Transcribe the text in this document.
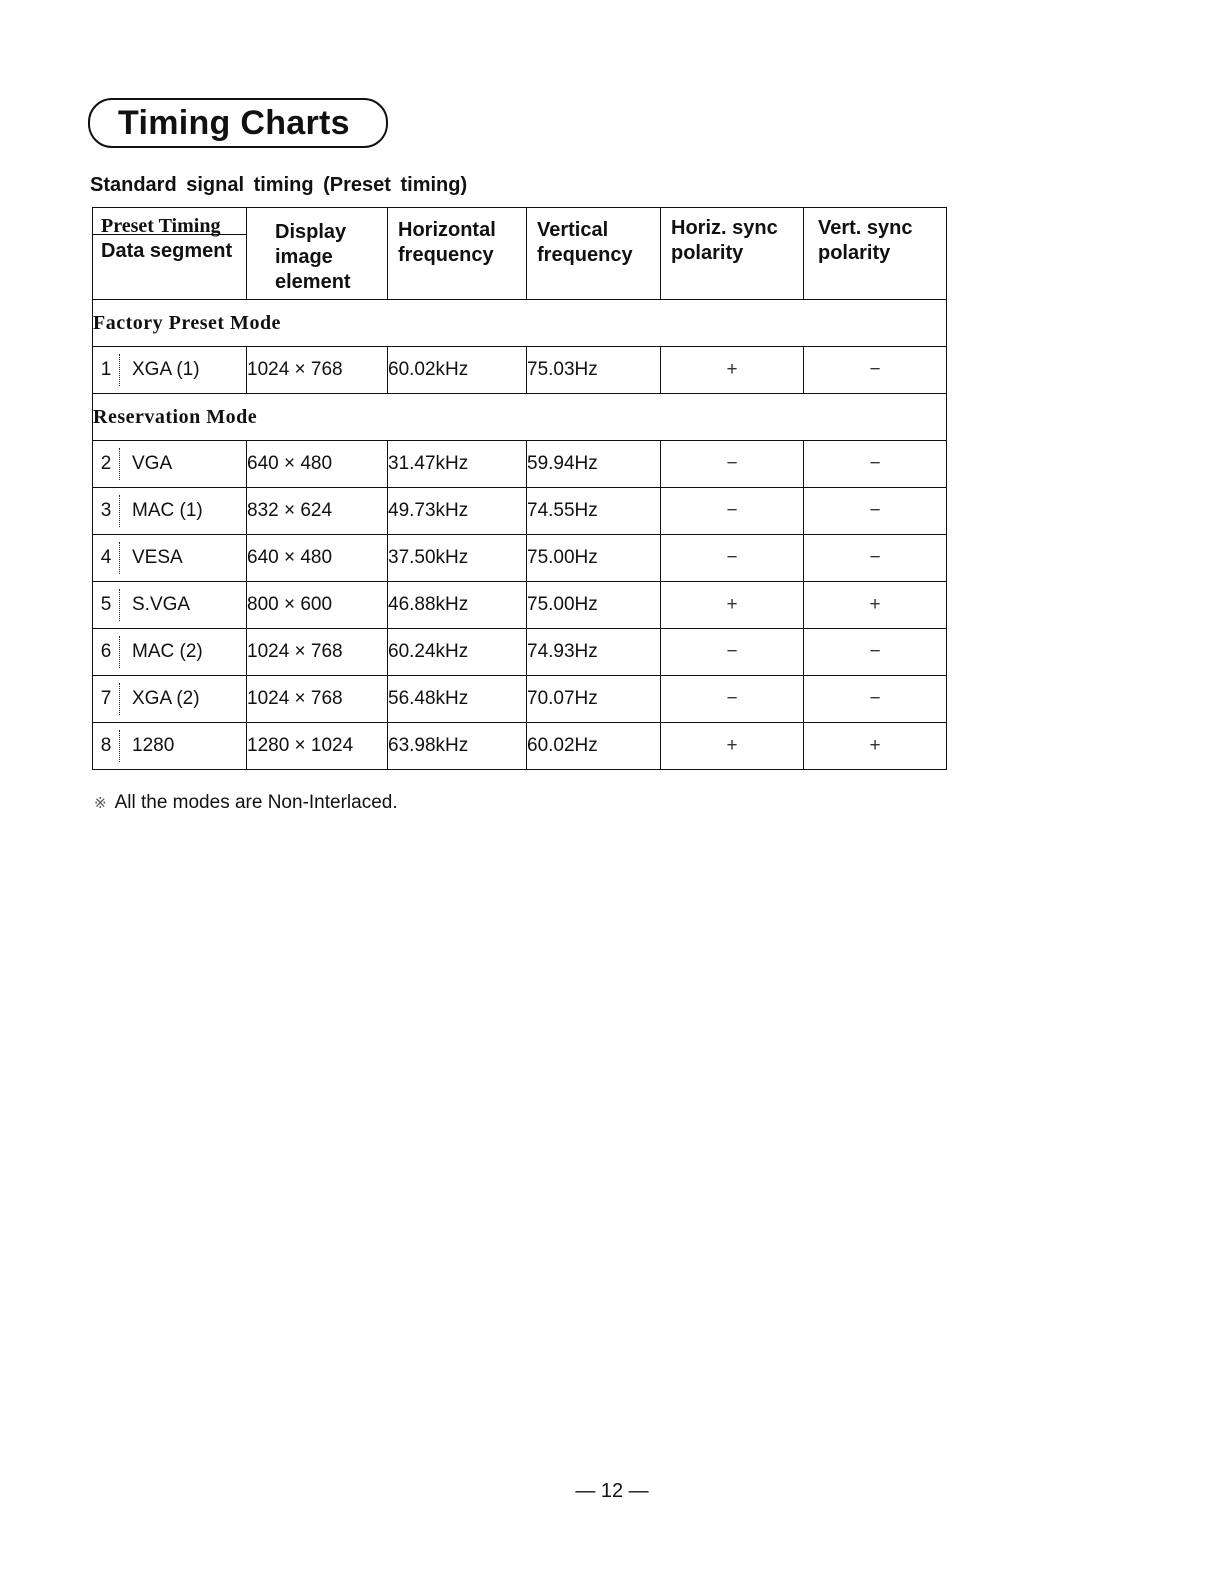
Timing Charts
Standard signal timing (Preset timing)
Preset Timing
Data segment	Display image element	Horizontal frequency	Vertical frequency	Horiz. sync polarity	Vert. sync polarity
Factory Preset Mode					

1 XGA (1)	1024 × 768	60.02kHz	75.03Hz	+	−
Reservation Mode					

2 VGA	640 × 480	31.47kHz	59.94Hz	−	−

3 MAC (1)	832 × 624	49.73kHz	74.55Hz	−	−

4 VESA	640 × 480	37.50kHz	75.00Hz	−	−

5 S.VGA	800 × 600	46.88kHz	75.00Hz	+	+

6 MAC (2)	1024 × 768	60.24kHz	74.93Hz	−	−

7 XGA (2)	1024 × 768	56.48kHz	70.07Hz	−	−

8 1280	1280 × 1024	63.98kHz	60.02Hz	+	+
※ All the modes are Non-Interlaced.
— 12 —
